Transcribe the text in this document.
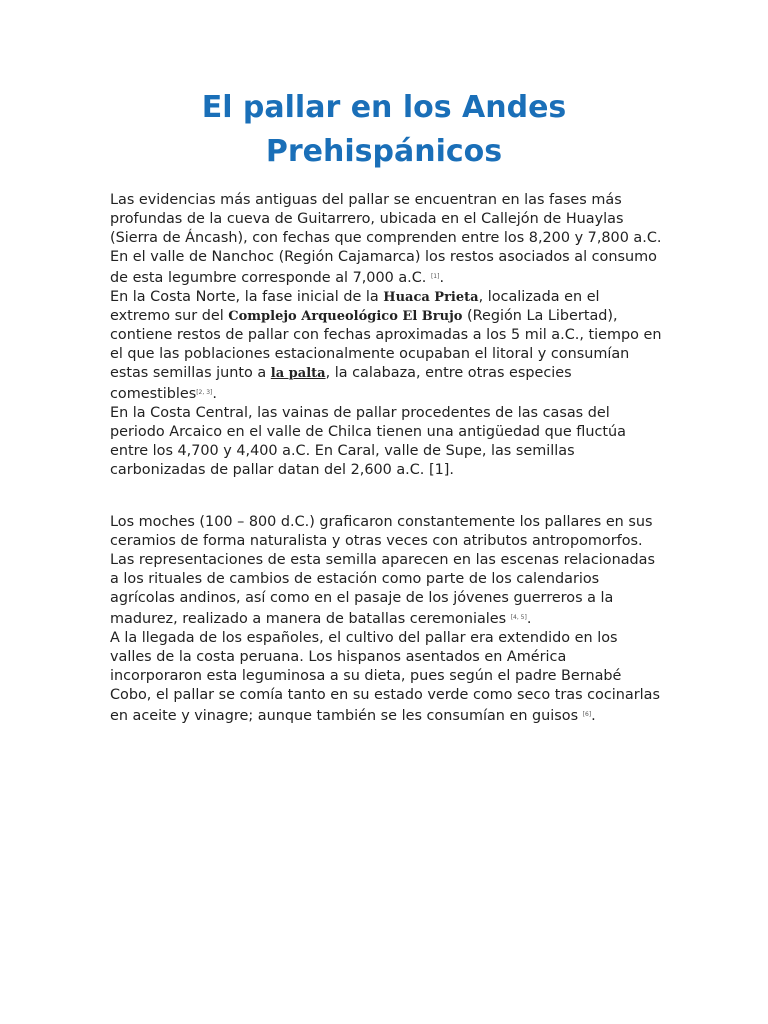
El pallar en los Andes Prehispánicos

Las evidencias más antiguas del pallar se encuentran en las fases más profundas de la cueva de Guitarrero, ubicada en el Callejón de Huaylas (Sierra de Áncash), con fechas que comprenden entre los 8,200 y 7,800 a.C. En el valle de Nanchoc (Región Cajamarca) los restos asociados al consumo de esta legumbre corresponde al 7,000 a.C. [1].

En la Costa Norte, la fase inicial de la Huaca Prieta, localizada en el extremo sur del Complejo Arqueológico El Brujo (Región La Libertad), contiene restos de pallar con fechas aproximadas a los 5 mil a.C., tiempo en el que las poblaciones estacionalmente ocupaban el litoral y consumían estas semillas junto a la palta, la calabaza, entre otras especies comestibles[2, 3].

En la Costa Central, las vainas de pallar procedentes de las casas del periodo Arcaico en el valle de Chilca tienen una antigüedad que fluctúa entre los 4,700 y 4,400 a.C. En Caral, valle de Supe, las semillas carbonizadas de pallar datan del 2,600 a.C. [1].

Los moches (100 – 800 d.C.) graficaron constantemente los pallares en sus ceramios de forma naturalista y otras veces con atributos antropomorfos. Las representaciones de esta semilla aparecen en las escenas relacionadas a los rituales de cambios de estación como parte de los calendarios agrícolas andinos, así como en el pasaje de los jóvenes guerreros a la madurez, realizado a manera de batallas ceremoniales [4, 5].

A la llegada de los españoles, el cultivo del pallar era extendido en los valles de la costa peruana. Los hispanos asentados en América incorporaron esta leguminosa a su dieta, pues según el padre Bernabé Cobo, el pallar se comía tanto en su estado verde como seco tras cocinarlas en aceite y vinagre; aunque también se les consumían en guisos [6].
